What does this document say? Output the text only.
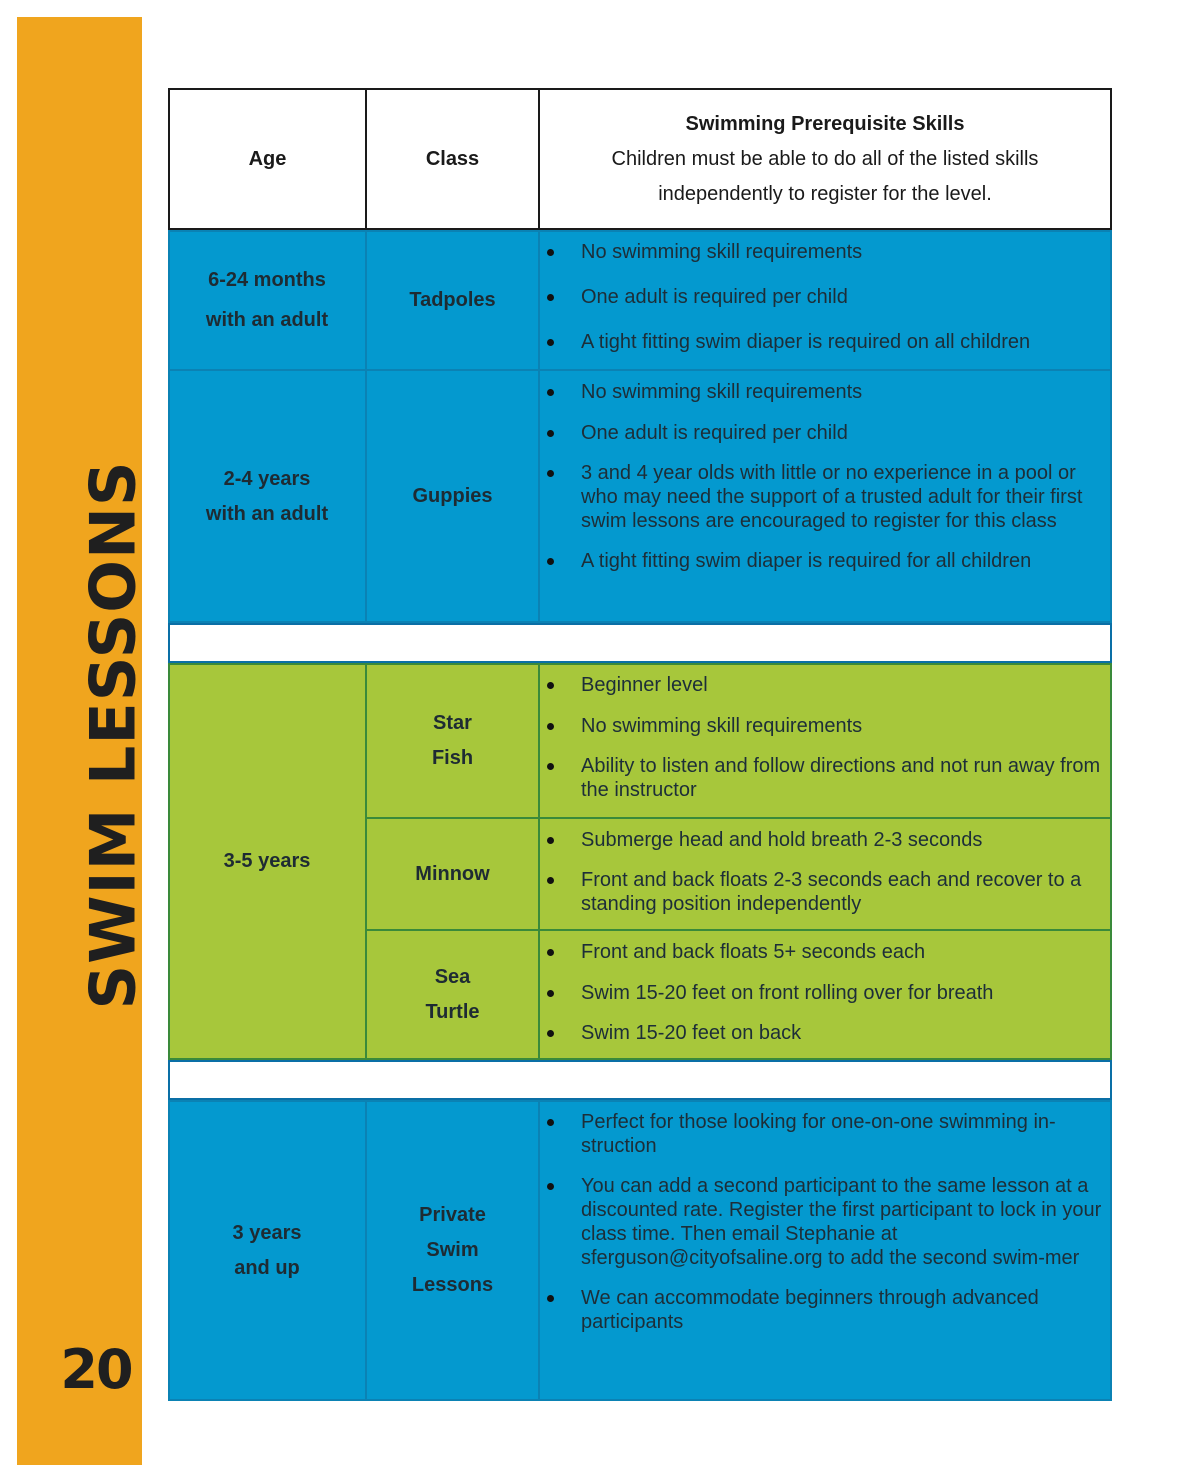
SWIM LESSONS
20
Age	Class
Swimming Prerequisite Skills
Children must be able to do all of the listed skills
independently to register for the level.
6-24 months
with an adult
Tadpoles
No swimming skill requirements
One adult is required per child
A tight fitting swim diaper is required on all children
2-4 years
with an adult
Guppies
No swimming skill requirements
One adult is required per child
3 and 4 year olds with little or no experience in a pool or who may need the support of a trusted adult for their first swim lessons are encouraged to register for this class
A tight fitting swim diaper is required for all children
3-5 years
Star
Fish
Beginner level
No swimming skill requirements
Ability to listen and follow directions and not run away from the instructor
Minnow
Submerge head and hold breath 2-3 seconds
Front and back floats 2-3 seconds each and recover to a standing position independently
Sea
Turtle
Front and back floats 5+ seconds each
Swim 15-20 feet on front rolling over for breath
Swim 15-20 feet on back
3 years
and up
Private
Swim
Lessons
Perfect for those looking for one-on-one swimming in-struction
You can add a second participant to the same lesson at a discounted rate. Register the first participant to lock in your class time. Then email Stephanie at sferguson@cityofsaline.org to add the second swim-mer
We can accommodate beginners through advanced participants
